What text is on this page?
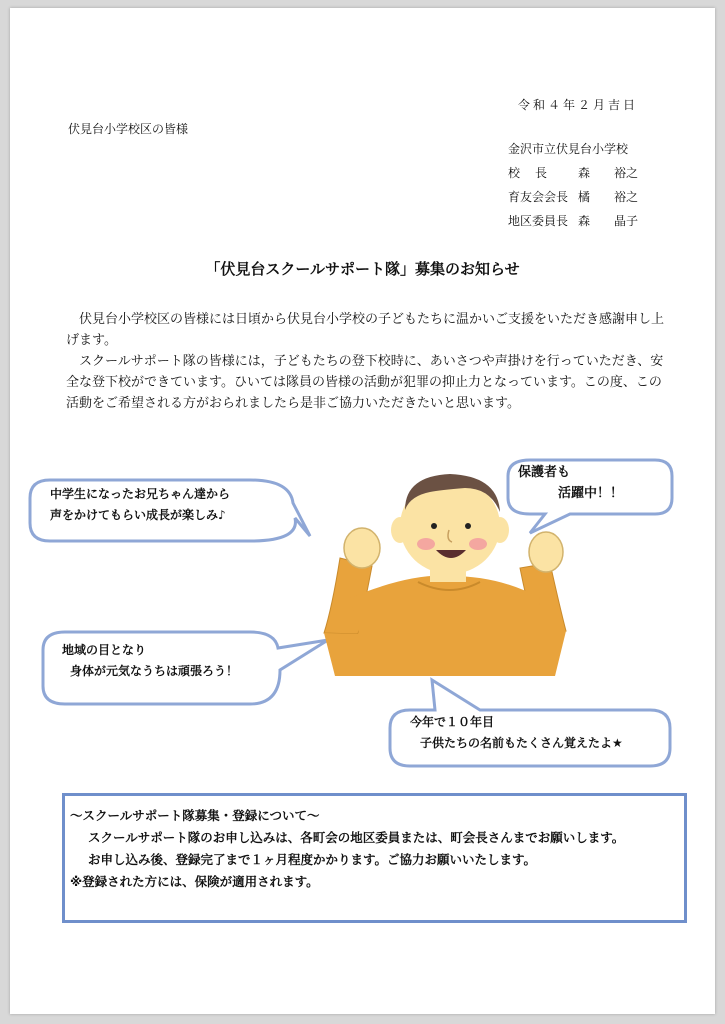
令和４年２月吉日
伏見台小学校区の皆様
金沢市立伏見台小学校
校長 森　　裕之
育友会会長 橘　　裕之
地区委員長 森　　晶子
「伏見台スクールサポート隊」募集のお知らせ

伏見台小学校区の皆様には日頃から伏見台小学校の子どもたちに温かいご支援をいただき感謝申し上げます。

スクールサポート隊の皆様には，子どもたちの登下校時に、あいさつや声掛けを行っていただき、安全な登下校ができています。ひいては隊員の皆様の活動が犯罪の抑止力となっています。この度、この活動をご希望される方がおられましたら是非ご協力いただきたいと思います。

中学生になったお兄ちゃん達から
声をかけてもらい成長が楽しみ♪
保護者も
活躍中！！
地域の目となり
身体が元気なうちは頑張ろう！
今年で１０年目
子供たちの名前もたくさん覚えたよ★
～スクールサポート隊募集・登録について～
スクールサポート隊のお申し込みは、各町会の地区委員または、町会長さんまでお願いします。
お申し込み後、登録完了まで１ヶ月程度かかります。ご協力お願いいたします。
※登録された方には、保険が適用されます。
